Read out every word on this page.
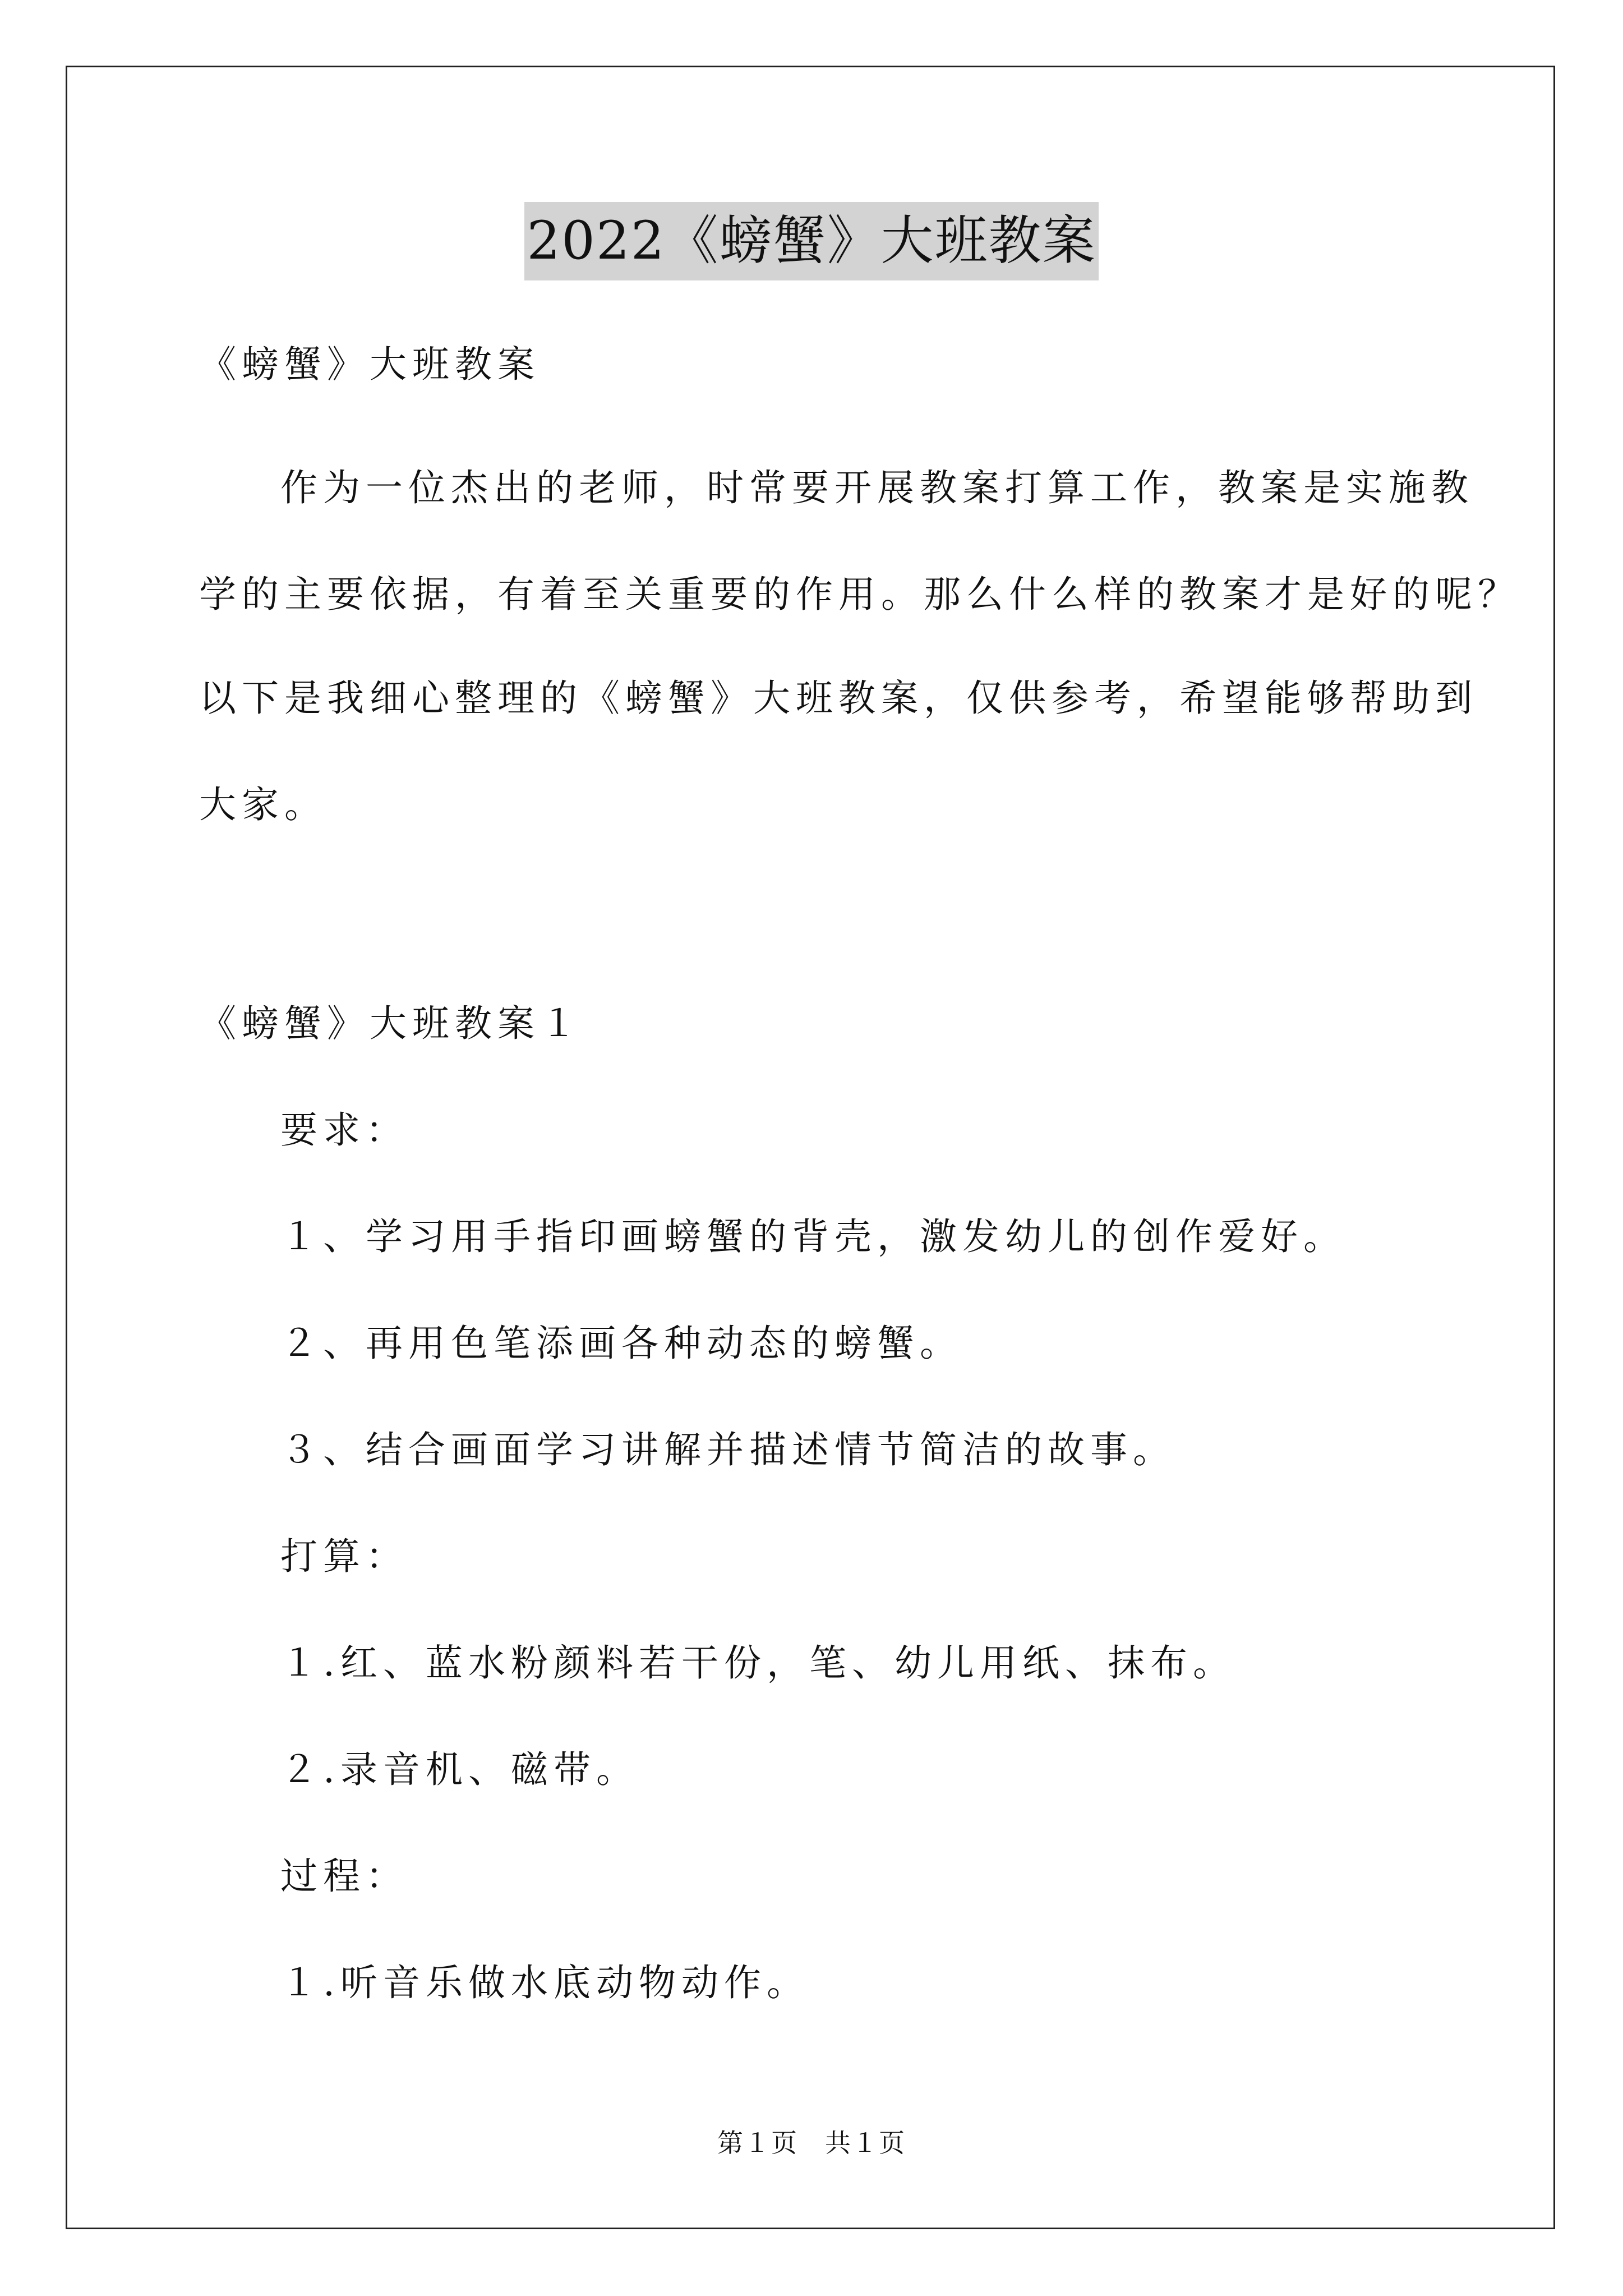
2022《螃蟹》大班教案
《螃蟹》大班教案
作为一位杰出的老师，时常要开展教案打算工作，教案是实施教
学的主要依据，有着至关重要的作用。那么什么样的教案才是好的呢？
以下是我细心整理的《螃蟹》大班教案，仅供参考，希望能够帮助到
大家。
《螃蟹》大班教案１
要求：
１、学习用手指印画螃蟹的背壳，激发幼儿的创作爱好。
２、再用色笔添画各种动态的螃蟹。
３、结合画面学习讲解并描述情节简洁的故事。
打算：
１.红、蓝水粉颜料若干份，笔、幼儿用纸、抹布。
２.录音机、磁带。
过程：
１.听音乐做水底动物动作。
第１页　共１页
